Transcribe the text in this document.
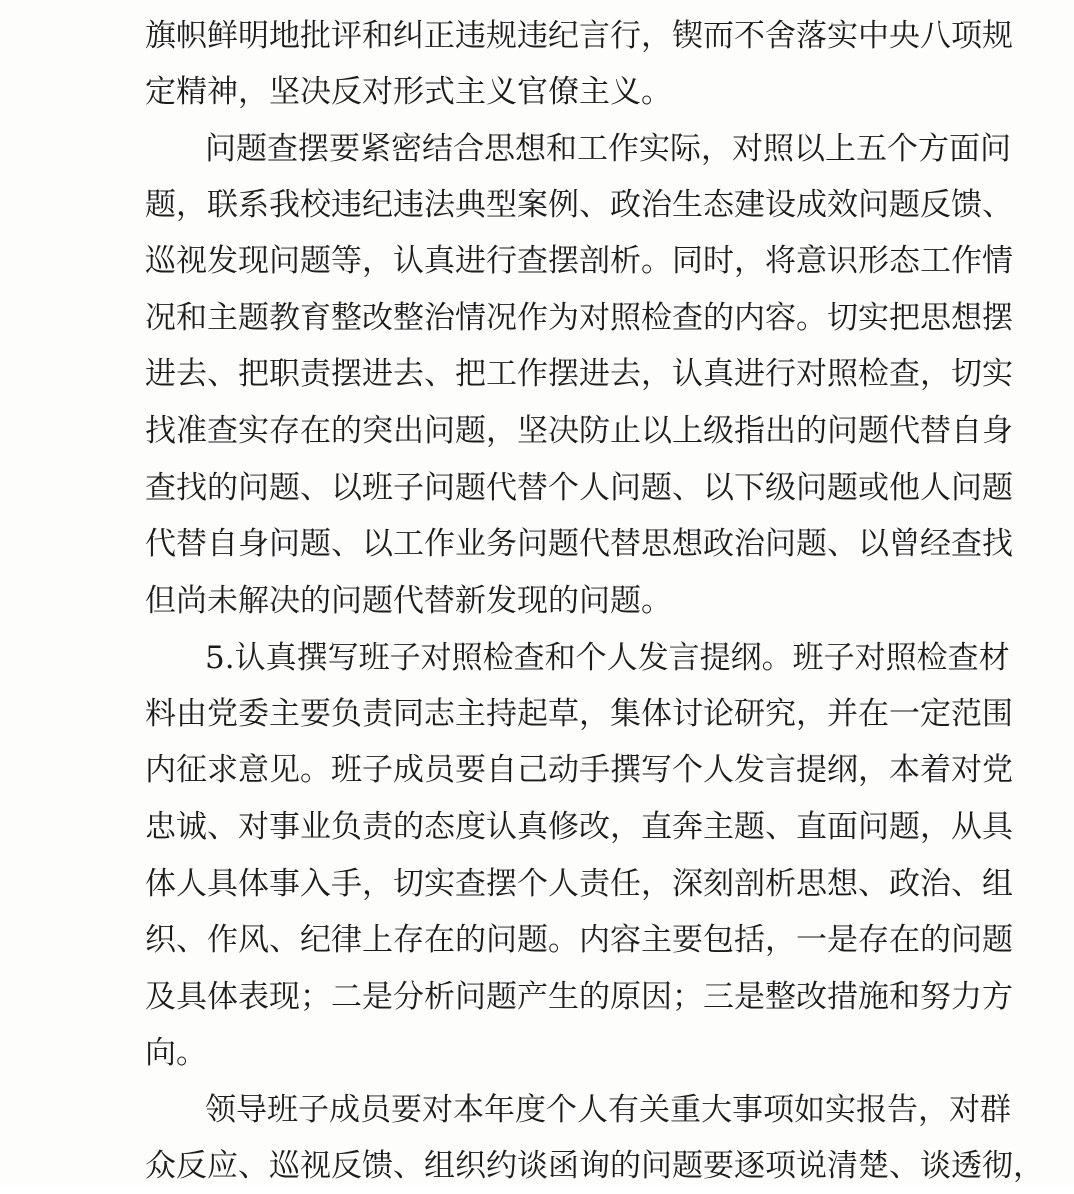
旗帜鲜明地批评和纠正违规违纪言行，锲而不舍落实中央八项规
定精神，坚决反对形式主义官僚主义。
问题查摆要紧密结合思想和工作实际，对照以上五个方面问
题，联系我校违纪违法典型案例、政治生态建设成效问题反馈、
巡视发现问题等，认真进行查摆剖析。同时，将意识形态工作情
况和主题教育整改整治情况作为对照检查的内容。切实把思想摆
进去、把职责摆进去、把工作摆进去，认真进行对照检查，切实
找准查实存在的突出问题，坚决防止以上级指出的问题代替自身
查找的问题、以班子问题代替个人问题、以下级问题或他人问题
代替自身问题、以工作业务问题代替思想政治问题、以曾经查找
但尚未解决的问题代替新发现的问题。
5.认真撰写班子对照检查和个人发言提纲。班子对照检查材
料由党委主要负责同志主持起草，集体讨论研究，并在一定范围
内征求意见。班子成员要自己动手撰写个人发言提纲，本着对党
忠诚、对事业负责的态度认真修改，直奔主题、直面问题，从具
体人具体事入手，切实查摆个人责任，深刻剖析思想、政治、组
织、作风、纪律上存在的问题。内容主要包括，一是存在的问题
及具体表现；二是分析问题产生的原因；三是整改措施和努力方
向。
领导班子成员要对本年度个人有关重大事项如实报告，对群
众反应、巡视反馈、组织约谈函询的问题要逐项说清楚、谈透彻，
